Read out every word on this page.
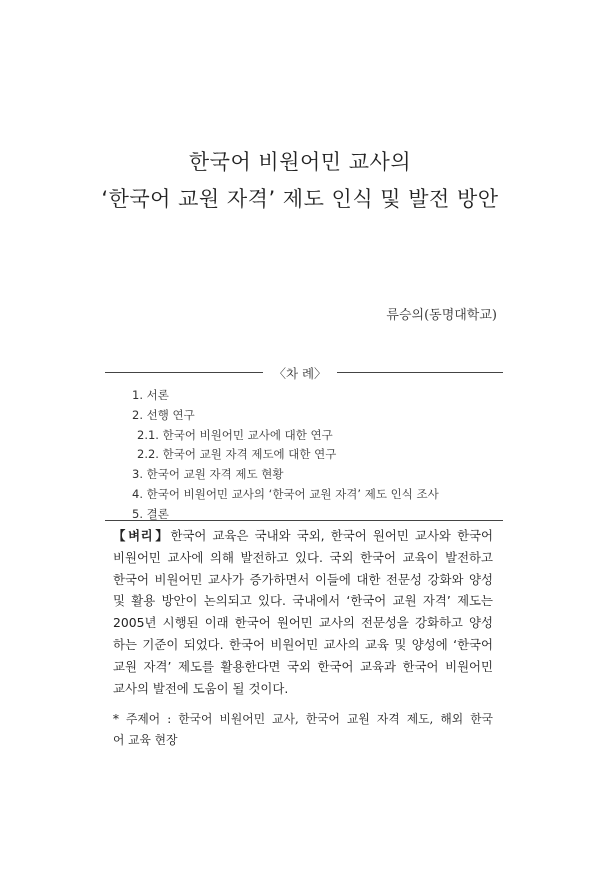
한국어 비원어민 교사의
‘한국어 교원 자격’ 제도 인식 및 발전 방안
류승의(동명대학교)
〈차 례〉
1. 서론
2. 선행 연구
2.1. 한국어 비원어민 교사에 대한 연구
2.2. 한국어 교원 자격 제도에 대한 연구
3. 한국어 교원 자격 제도 현황
4. 한국어 비원어민 교사의 ‘한국어 교원 자격’ 제도 인식 조사
5. 결론
【벼리】한국어 교육은 국내와 국외, 한국어 원어민 교사와 한국어
비원어민 교사에 의해 발전하고 있다. 국외 한국어 교육이 발전하고
한국어 비원어민 교사가 증가하면서 이들에 대한 전문성 강화와 양성
및 활용 방안이 논의되고 있다. 국내에서 ‘한국어 교원 자격’ 제도는
2005년 시행된 이래 한국어 원어민 교사의 전문성을 강화하고 양성
하는 기준이 되었다. 한국어 비원어민 교사의 교육 및 양성에 ‘한국어
교원 자격’ 제도를 활용한다면 국외 한국어 교육과 한국어 비원어민
교사의 발전에 도움이 될 것이다.
* 주제어 : 한국어 비원어민 교사, 한국어 교원 자격 제도, 해외 한국
어 교육 현장
